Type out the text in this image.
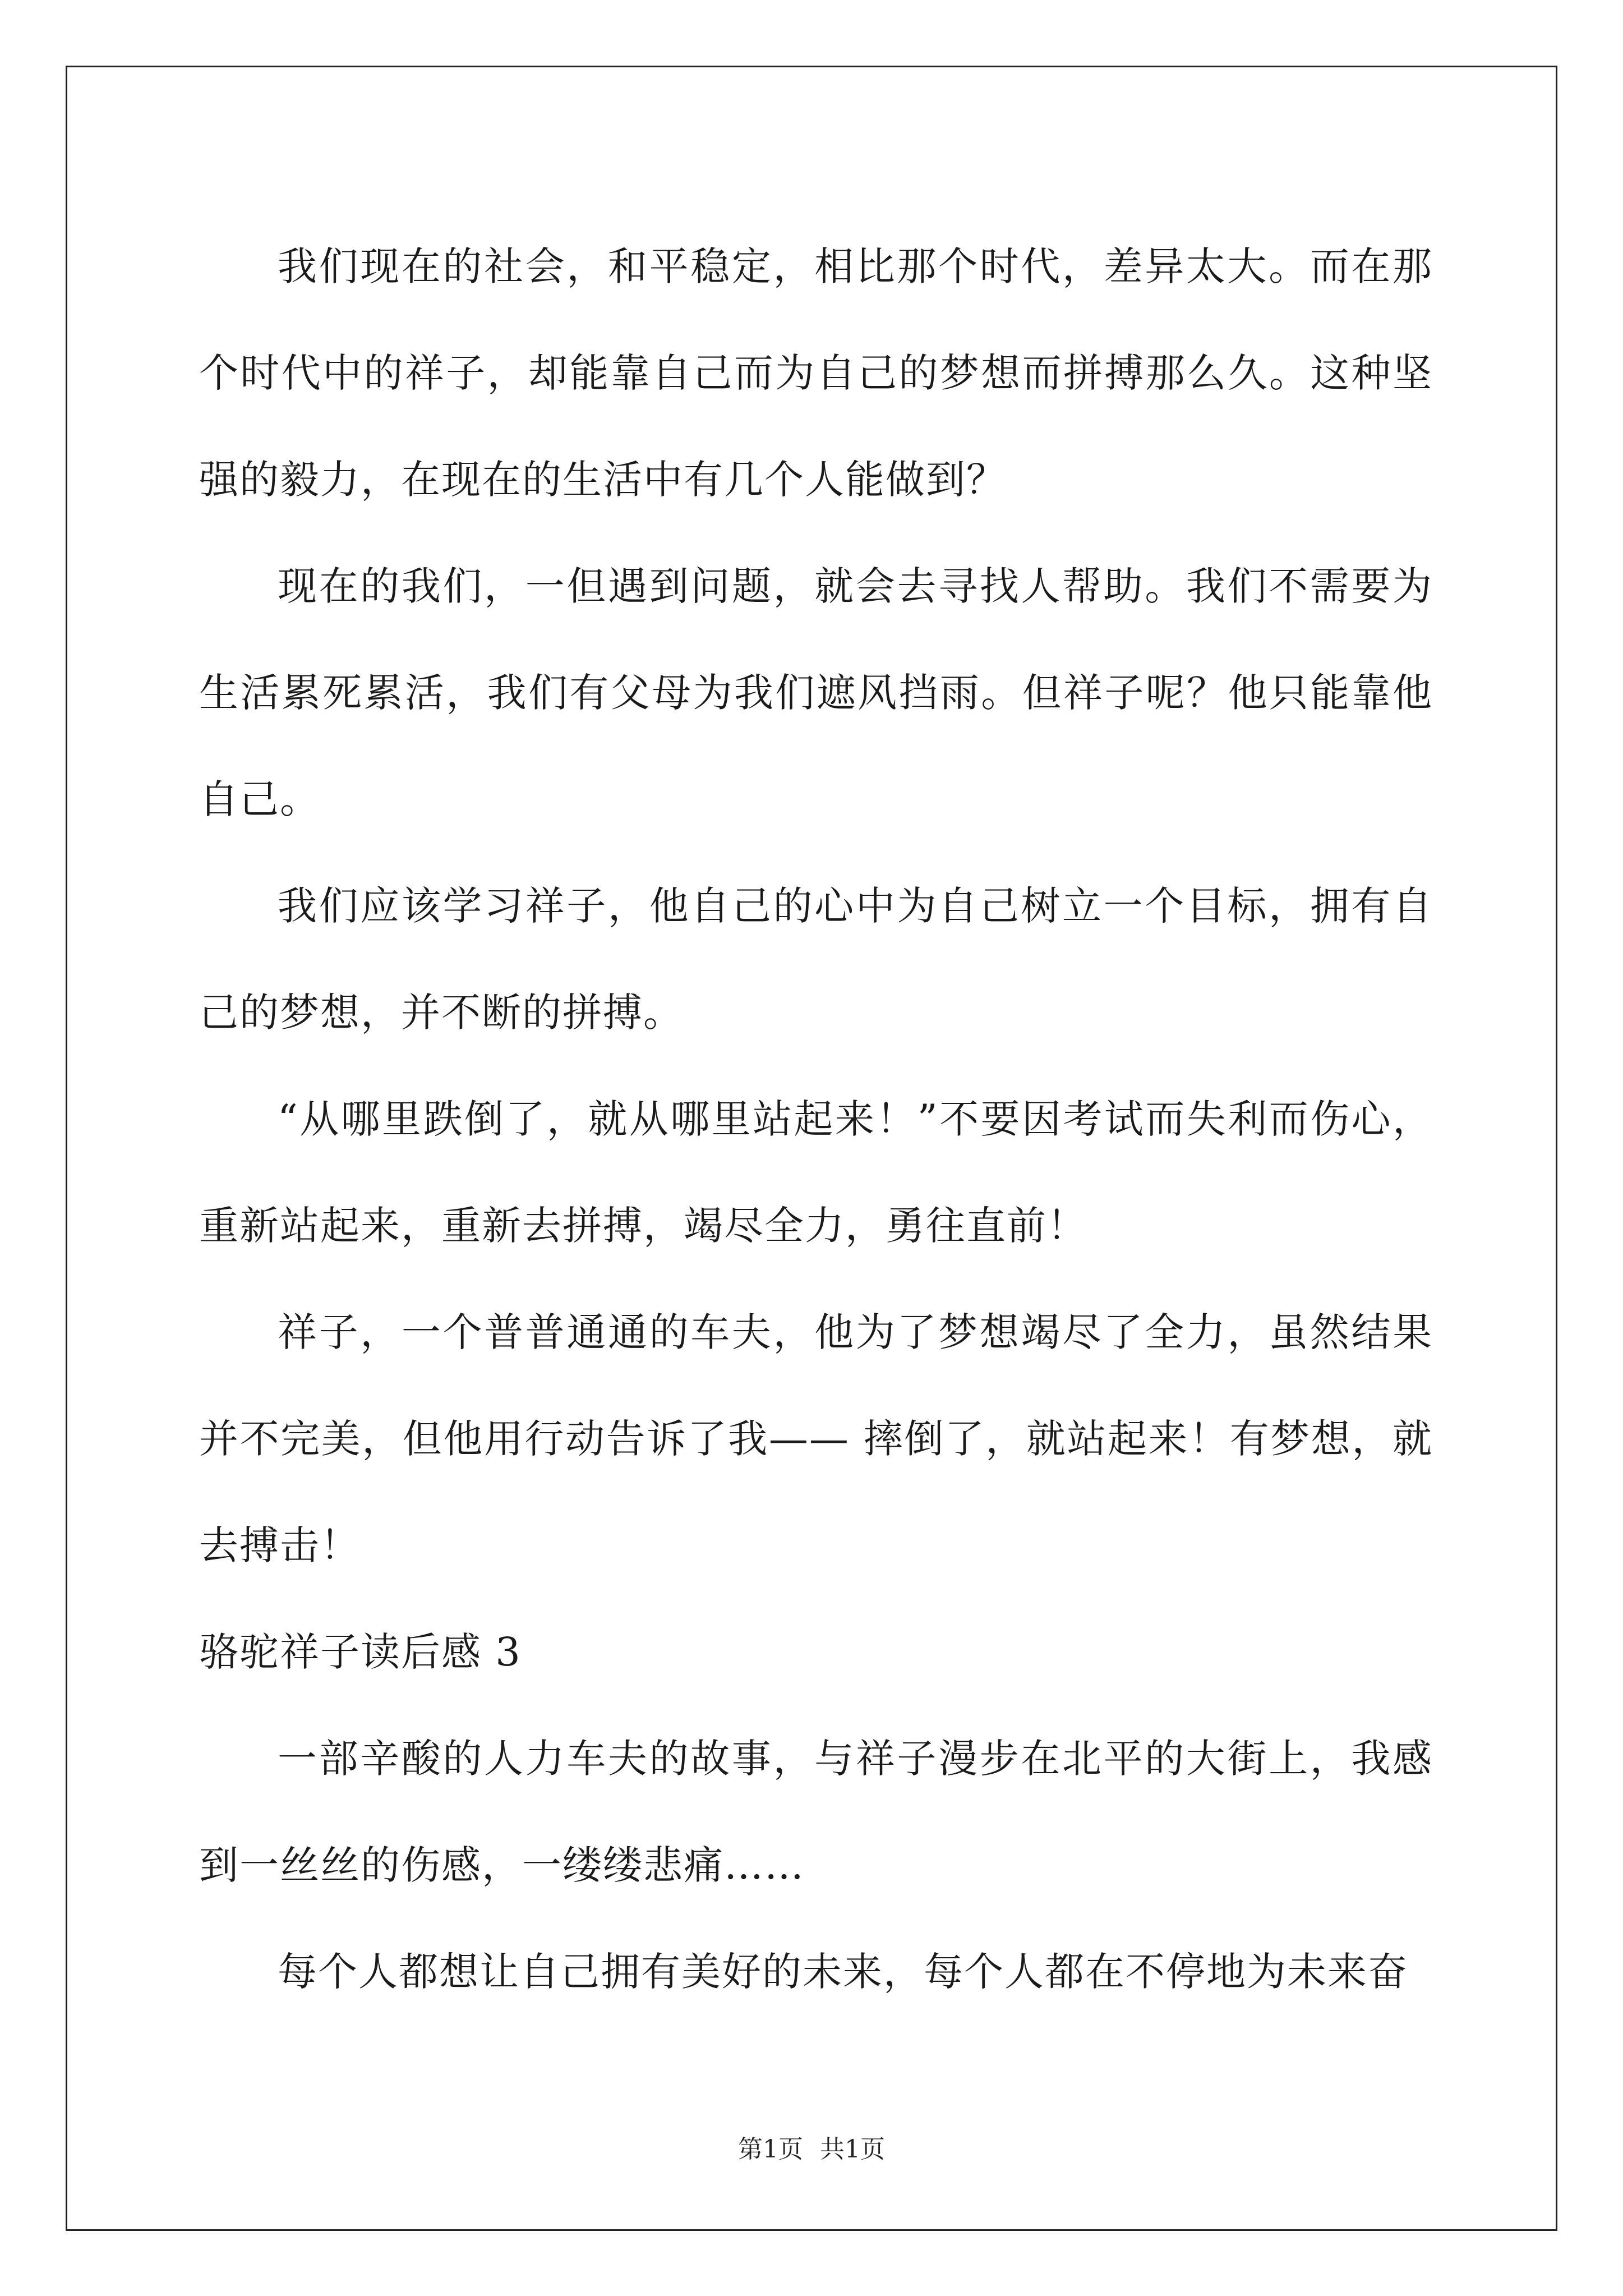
我们现在的社会，和平稳定，相比那个时代，差异太大。而在那个时代中的祥子，却能靠自己而为自己的梦想而拼搏那么久。这种坚强的毅力，在现在的生活中有几个人能做到？

现在的我们，一但遇到问题，就会去寻找人帮助。我们不需要为生活累死累活，我们有父母为我们遮风挡雨。但祥子呢？他只能靠他自己。

我们应该学习祥子，他自己的心中为自己树立一个目标，拥有自己的梦想，并不断的拼搏。

“从哪里跌倒了，就从哪里站起来！”不要因考试而失利而伤心，重新站起来，重新去拼搏，竭尽全力，勇往直前！

祥子，一个普普通通的车夫，他为了梦想竭尽了全力，虽然结果并不完美，但他用行动告诉了我—— 摔倒了，就站起来！有梦想，就去搏击！

骆驼祥子读后感 3

一部辛酸的人力车夫的故事，与祥子漫步在北平的大街上，我感到一丝丝的伤感，一缕缕悲痛……

每个人都想让自己拥有美好的未来，每个人都在不停地为未来奋

第1页 共1页
